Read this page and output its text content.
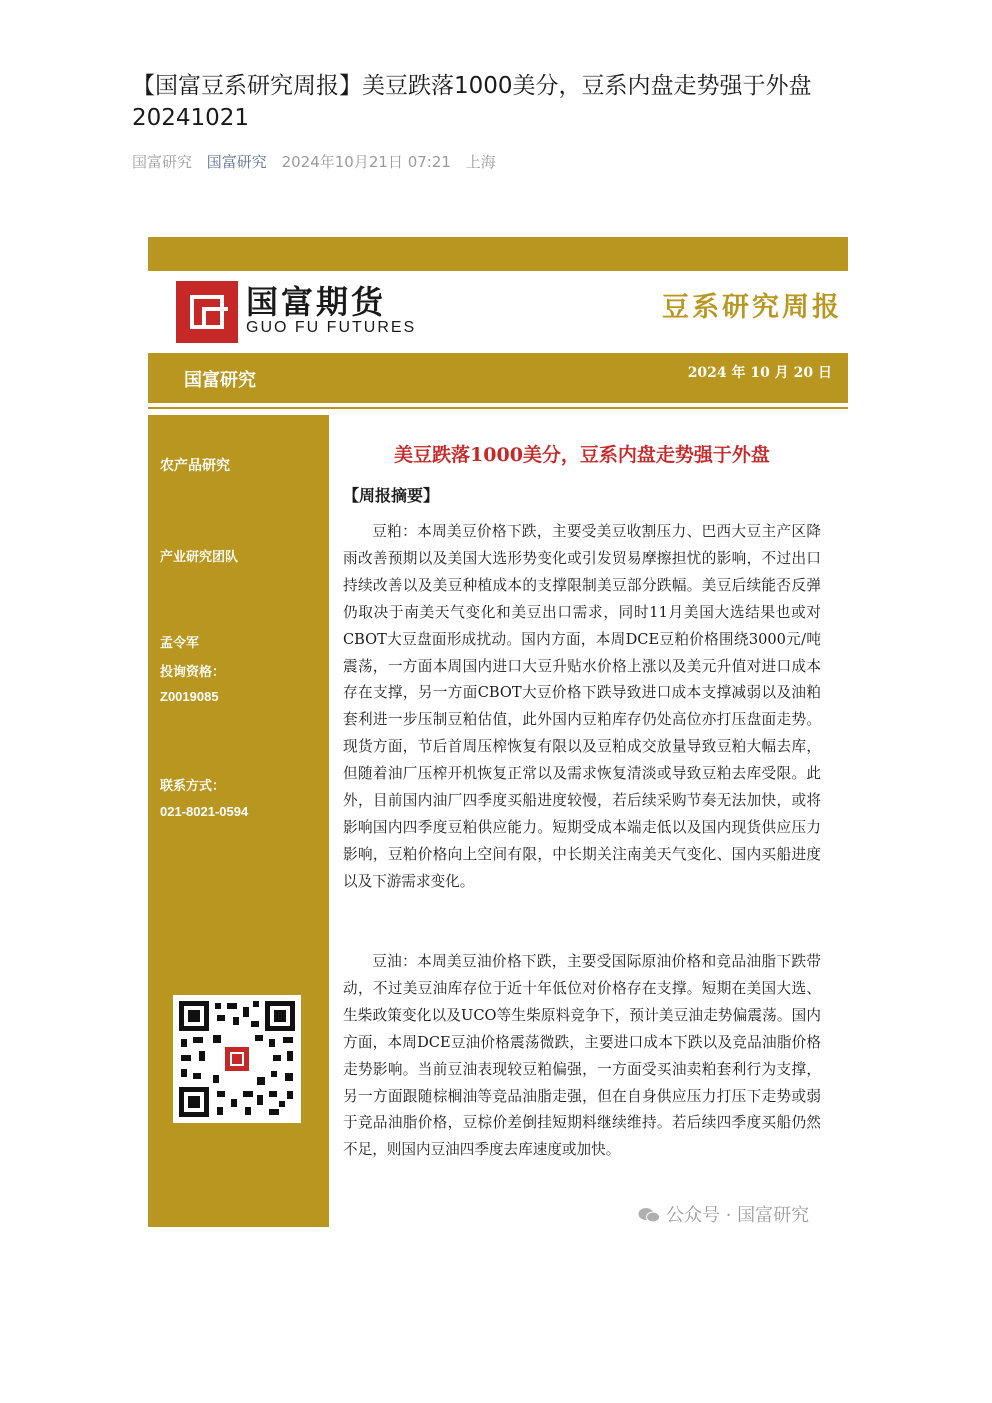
【国富豆系研究周报】美豆跌落1000美分，豆系内盘走势强于外盘20241021
国富研究 国富研究 2024年10月21日 07:21 上海
国富期货
GUO FU FUTURES
豆系研究周报
国富研究	2024 年 10 月 20 日
农产品研究
产业研究团队
孟令军
投询资格：
Z0019085
联系方式：
021-8021-0594
美豆跌落1000美分，豆系内盘走势强于外盘
【周报摘要】

豆粕：本周美豆价格下跌，主要受美豆收割压力、巴西大豆主产区降雨改善预期以及美国大选形势变化或引发贸易摩擦担忧的影响，不过出口持续改善以及美豆种植成本的支撑限制美豆部分跌幅。美豆后续能否反弹仍取决于南美天气变化和美豆出口需求，同时11月美国大选结果也或对CBOT大豆盘面形成扰动。国内方面，本周DCE豆粕价格围绕3000元/吨震荡，一方面本周国内进口大豆升贴水价格上涨以及美元升值对进口成本存在支撑，另一方面CBOT大豆价格下跌导致进口成本支撑减弱以及油粕套利进一步压制豆粕估值，此外国内豆粕库存仍处高位亦打压盘面走势。现货方面，节后首周压榨恢复有限以及豆粕成交放量导致豆粕大幅去库，但随着油厂压榨开机恢复正常以及需求恢复清淡或导致豆粕去库受限。此外，目前国内油厂四季度买船进度较慢，若后续采购节奏无法加快，或将影响国内四季度豆粕供应能力。短期受成本端走低以及国内现货供应压力影响，豆粕价格向上空间有限，中长期关注南美天气变化、国内买船进度以及下游需求变化。

豆油：本周美豆油价格下跌，主要受国际原油价格和竞品油脂下跌带动，不过美豆油库存位于近十年低位对价格存在支撑。短期在美国大选、生柴政策变化以及UCO等生柴原料竞争下，预计美豆油走势偏震荡。国内方面，本周DCE豆油价格震荡微跌，主要进口成本下跌以及竞品油脂价格走势影响。当前豆油表现较豆粕偏强，一方面受买油卖粕套利行为支撑，另一方面跟随棕榈油等竞品油脂走强，但在自身供应压力打压下走势或弱于竞品油脂价格，豆棕价差倒挂短期料继续维持。若后续四季度买船仍然不足，则国内豆油四季度去库速度或加快。

公众号 · 国富研究
